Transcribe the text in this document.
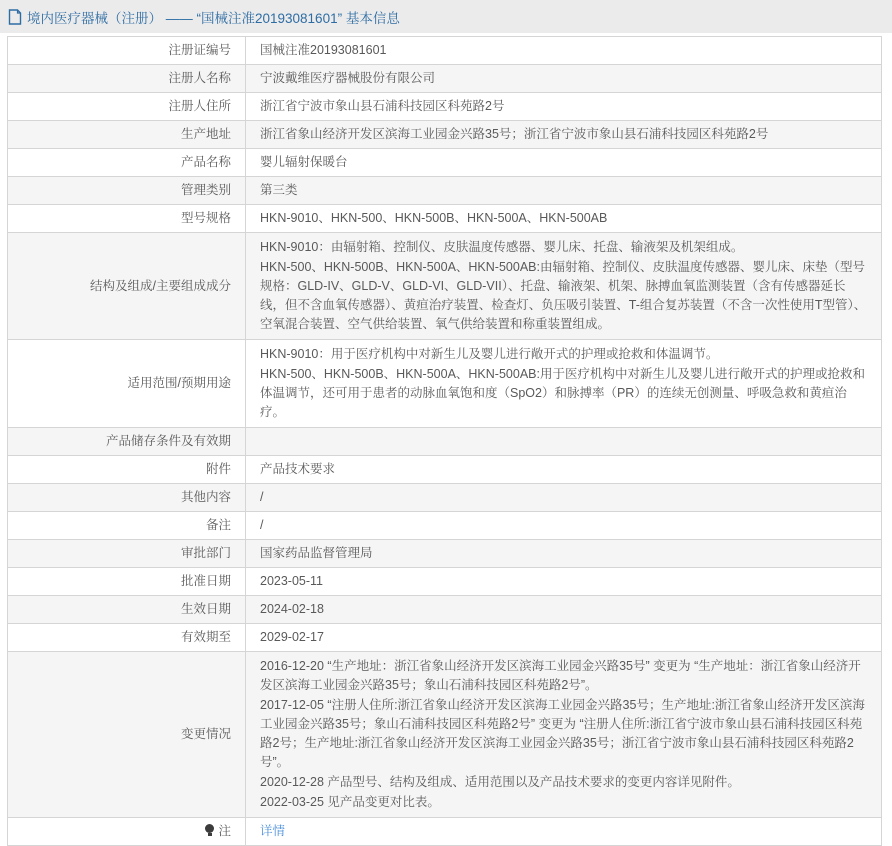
境内医疗器械（注册） —— “国械注准20193081601” 基本信息
注册证编号	国械注准20193081601
注册人名称	宁波戴维医疗器械股份有限公司
注册人住所	浙江省宁波市象山县石浦科技园区科苑路2号
生产地址	浙江省象山经济开发区滨海工业园金兴路35号；浙江省宁波市象山县石浦科技园区科苑路2号
产品名称	婴儿辐射保暖台
管理类别	第三类
型号规格	HKN-9010、HKN-500、HKN-500B、HKN-500A、HKN-500AB
结构及组成/主要组成成分	HKN-9010：由辐射箱、控制仪、皮肤温度传感器、婴儿床、托盘、输液架及机架组成。
HKN-500、HKN-500B、HKN-500A、HKN-500AB:由辐射箱、控制仪、皮肤温度传感器、婴儿床、床垫（型号规格：GLD-IV、GLD-V、GLD-VI、GLD-VII）、托盘、输液架、机架、脉搏血氧监测装置（含有传感器延长线，但不含血氧传感器）、黄疸治疗装置、检查灯、负压吸引装置、T-组合复苏装置（不含一次性使用T型管）、空氧混合装置、空气供给装置、氧气供给装置和称重装置组成。

适用范围/预期用途	HKN-9010：用于医疗机构中对新生儿及婴儿进行敞开式的护理或抢救和体温调节。
HKN-500、HKN-500B、HKN-500A、HKN-500AB:用于医疗机构中对新生儿及婴儿进行敞开式的护理或抢救和体温调节，还可用于患者的动脉血氧饱和度（SpO2）和脉搏率（PR）的连续无创测量、呼吸急救和黄疸治疗。

产品储存条件及有效期	
附件	产品技术要求
其他内容	/
备注	/
审批部门	国家药品监督管理局
批准日期	2023-05-11
生效日期	2024-02-18
有效期至	2029-02-17
变更情况	2016-12-20 “生产地址：浙江省象山经济开发区滨海工业园金兴路35号” 变更为 “生产地址：浙江省象山经济开发区滨海工业园金兴路35号；象山石浦科技园区科苑路2号”。
2017-12-05 “注册人住所:浙江省象山经济开发区滨海工业园金兴路35号；生产地址:浙江省象山经济开发区滨海工业园金兴路35号；象山石浦科技园区科苑路2号” 变更为 “注册人住所:浙江省宁波市象山县石浦科技园区科苑路2号；生产地址:浙江省象山经济开发区滨海工业园金兴路35号；浙江省宁波市象山县石浦科技园区科苑路2号”。
2020-12-28 产品型号、结构及组成、适用范围以及产品技术要求的变更内容详见附件。
2022-03-25 见产品变更对比表。

注	详情
